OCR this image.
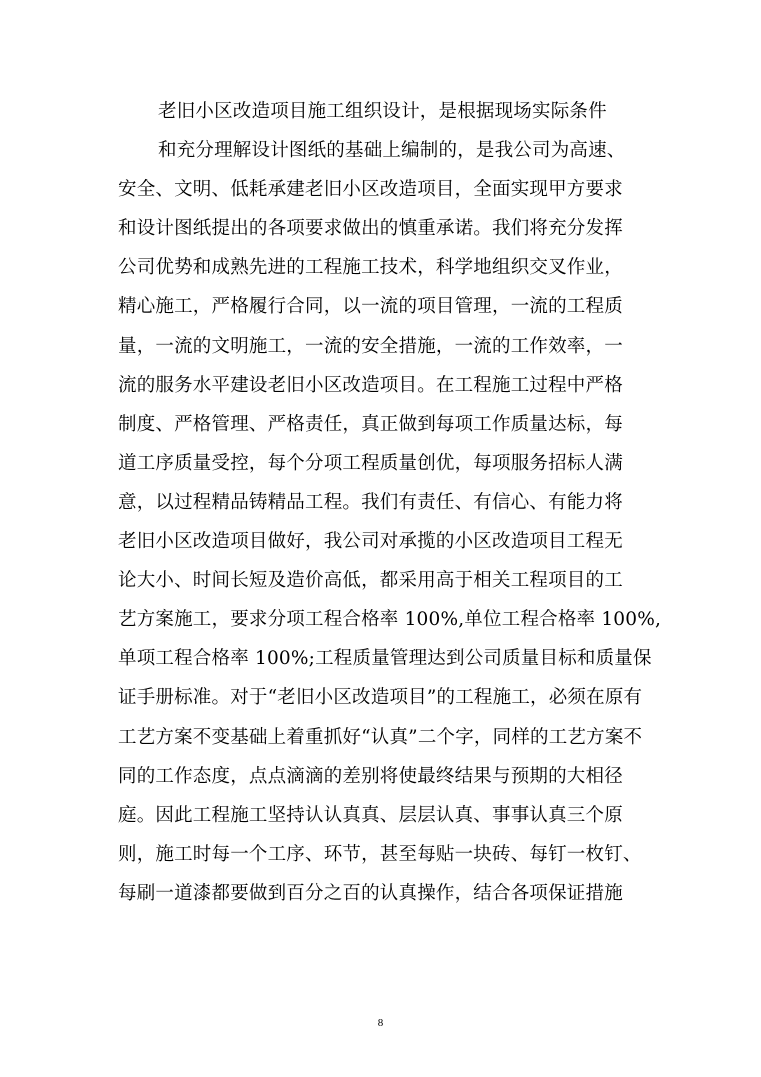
老旧小区改造项目施工组织设计，是根据现场实际条件
和充分理解设计图纸的基础上编制的，是我公司为高速、
安全、文明、低耗承建老旧小区改造项目，全面实现甲方要求
和设计图纸提出的各项要求做出的慎重承诺。我们将充分发挥
公司优势和成熟先进的工程施工技术，科学地组织交叉作业，
精心施工，严格履行合同，以一流的项目管理，一流的工程质
量，一流的文明施工，一流的安全措施，一流的工作效率，一
流的服务水平建设老旧小区改造项目。在工程施工过程中严格
制度、严格管理、严格责任，真正做到每项工作质量达标，每
道工序质量受控，每个分项工程质量创优，每项服务招标人满
意，以过程精品铸精品工程。我们有责任、有信心、有能力将
老旧小区改造项目做好，我公司对承揽的小区改造项目工程无
论大小、时间长短及造价高低，都采用高于相关工程项目的工
艺方案施工，要求分项工程合格率 100%,单位工程合格率 100%,
单项工程合格率 100%;工程质量管理达到公司质量目标和质量保
证手册标准。对于“老旧小区改造项目”的工程施工，必须在原有
工艺方案不变基础上着重抓好“认真”二个字，同样的工艺方案不
同的工作态度，点点滴滴的差别将使最终结果与预期的大相径
庭。因此工程施工坚持认认真真、层层认真、事事认真三个原
则，施工时每一个工序、环节，甚至每贴一块砖、每钉一枚钉、
每刷一道漆都要做到百分之百的认真操作，结合各项保证措施
8
